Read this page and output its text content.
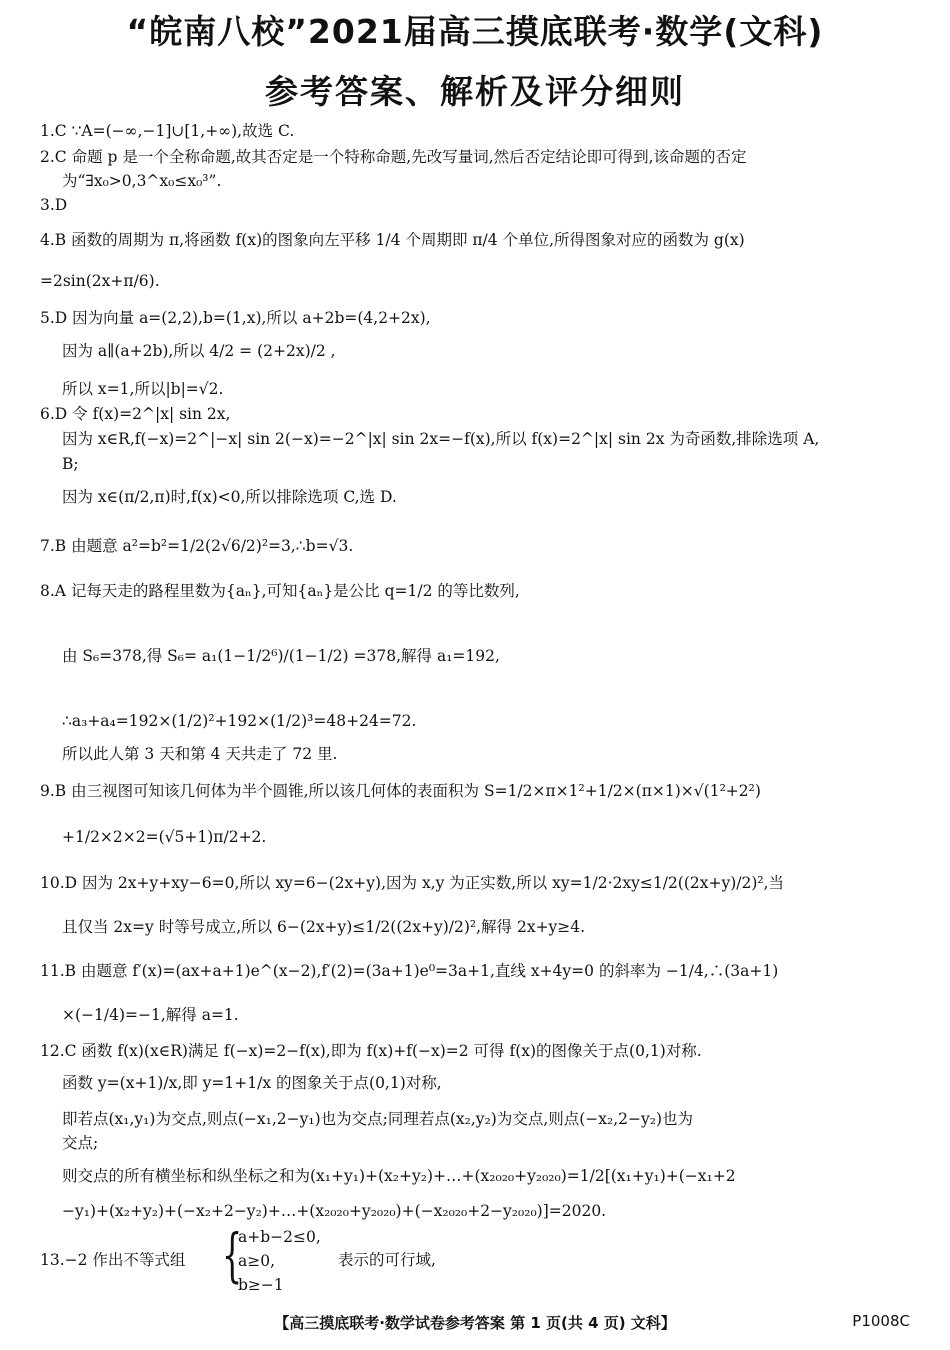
“皖南八校”2021届高三摸底联考·数学(文科)
参考答案、解析及评分细则
1.C ∵A=(−∞,−1]∪[1,+∞),故选 C.
2.C 命题 p 是一个全称命题,故其否定是一个特称命题,先改写量词,然后否定结论即可得到,该命题的否定
为“∃x₀>0,3^x₀≤x₀³”.
3.D
4.B 函数的周期为 π,将函数 f(x)的图象向左平移 1/4 个周期即 π/4 个单位,所得图象对应的函数为 g(x)
=2sin(2x+π/6).
5.D 因为向量 a=(2,2),b=(1,x),所以 a+2b=(4,2+2x),
因为 a∥(a+2b),所以 4/2 = (2+2x)/2 ,
所以 x=1,所以|b|=√2.
6.D 令 f(x)=2^|x| sin 2x,
因为 x∈R,f(−x)=2^|−x| sin 2(−x)=−2^|x| sin 2x=−f(x),所以 f(x)=2^|x| sin 2x 为奇函数,排除选项 A,
B;
因为 x∈(π/2,π)时,f(x)<0,所以排除选项 C,选 D.
7.B 由题意 a²=b²=1/2(2√6/2)²=3,∴b=√3.
8.A 记每天走的路程里数为{aₙ},可知{aₙ}是公比 q=1/2 的等比数列,
由 S₆=378,得 S₆= a₁(1−1/2⁶)/(1−1/2) =378,解得 a₁=192,
∴a₃+a₄=192×(1/2)²+192×(1/2)³=48+24=72.
所以此人第 3 天和第 4 天共走了 72 里.
9.B 由三视图可知该几何体为半个圆锥,所以该几何体的表面积为 S=1/2×π×1²+1/2×(π×1)×√(1²+2²)
+1/2×2×2=(√5+1)π/2+2.
10.D 因为 2x+y+xy−6=0,所以 xy=6−(2x+y),因为 x,y 为正实数,所以 xy=1/2·2xy≤1/2((2x+y)/2)²,当
且仅当 2x=y 时等号成立,所以 6−(2x+y)≤1/2((2x+y)/2)²,解得 2x+y≥4.
11.B 由题意 f′(x)=(ax+a+1)e^(x−2),f′(2)=(3a+1)e⁰=3a+1,直线 x+4y=0 的斜率为 −1/4,∴(3a+1)
×(−1/4)=−1,解得 a=1.
12.C 函数 f(x)(x∈R)满足 f(−x)=2−f(x),即为 f(x)+f(−x)=2 可得 f(x)的图像关于点(0,1)对称.
函数 y=(x+1)/x,即 y=1+1/x 的图象关于点(0,1)对称,
即若点(x₁,y₁)为交点,则点(−x₁,2−y₁)也为交点;同理若点(x₂,y₂)为交点,则点(−x₂,2−y₂)也为
交点;
则交点的所有横坐标和纵坐标之和为(x₁+y₁)+(x₂+y₂)+…+(x₂₀₂₀+y₂₀₂₀)=1/2[(x₁+y₁)+(−x₁+2
−y₁)+(x₂+y₂)+(−x₂+2−y₂)+…+(x₂₀₂₀+y₂₀₂₀)+(−x₂₀₂₀+2−y₂₀₂₀)]=2020.
13.−2 作出不等式组 {
a+b−2≤0,
a≥0,
b≥−1
表示的可行域,
【高三摸底联考·数学试卷参考答案 第 1 页(共 4 页) 文科】	P1008C
